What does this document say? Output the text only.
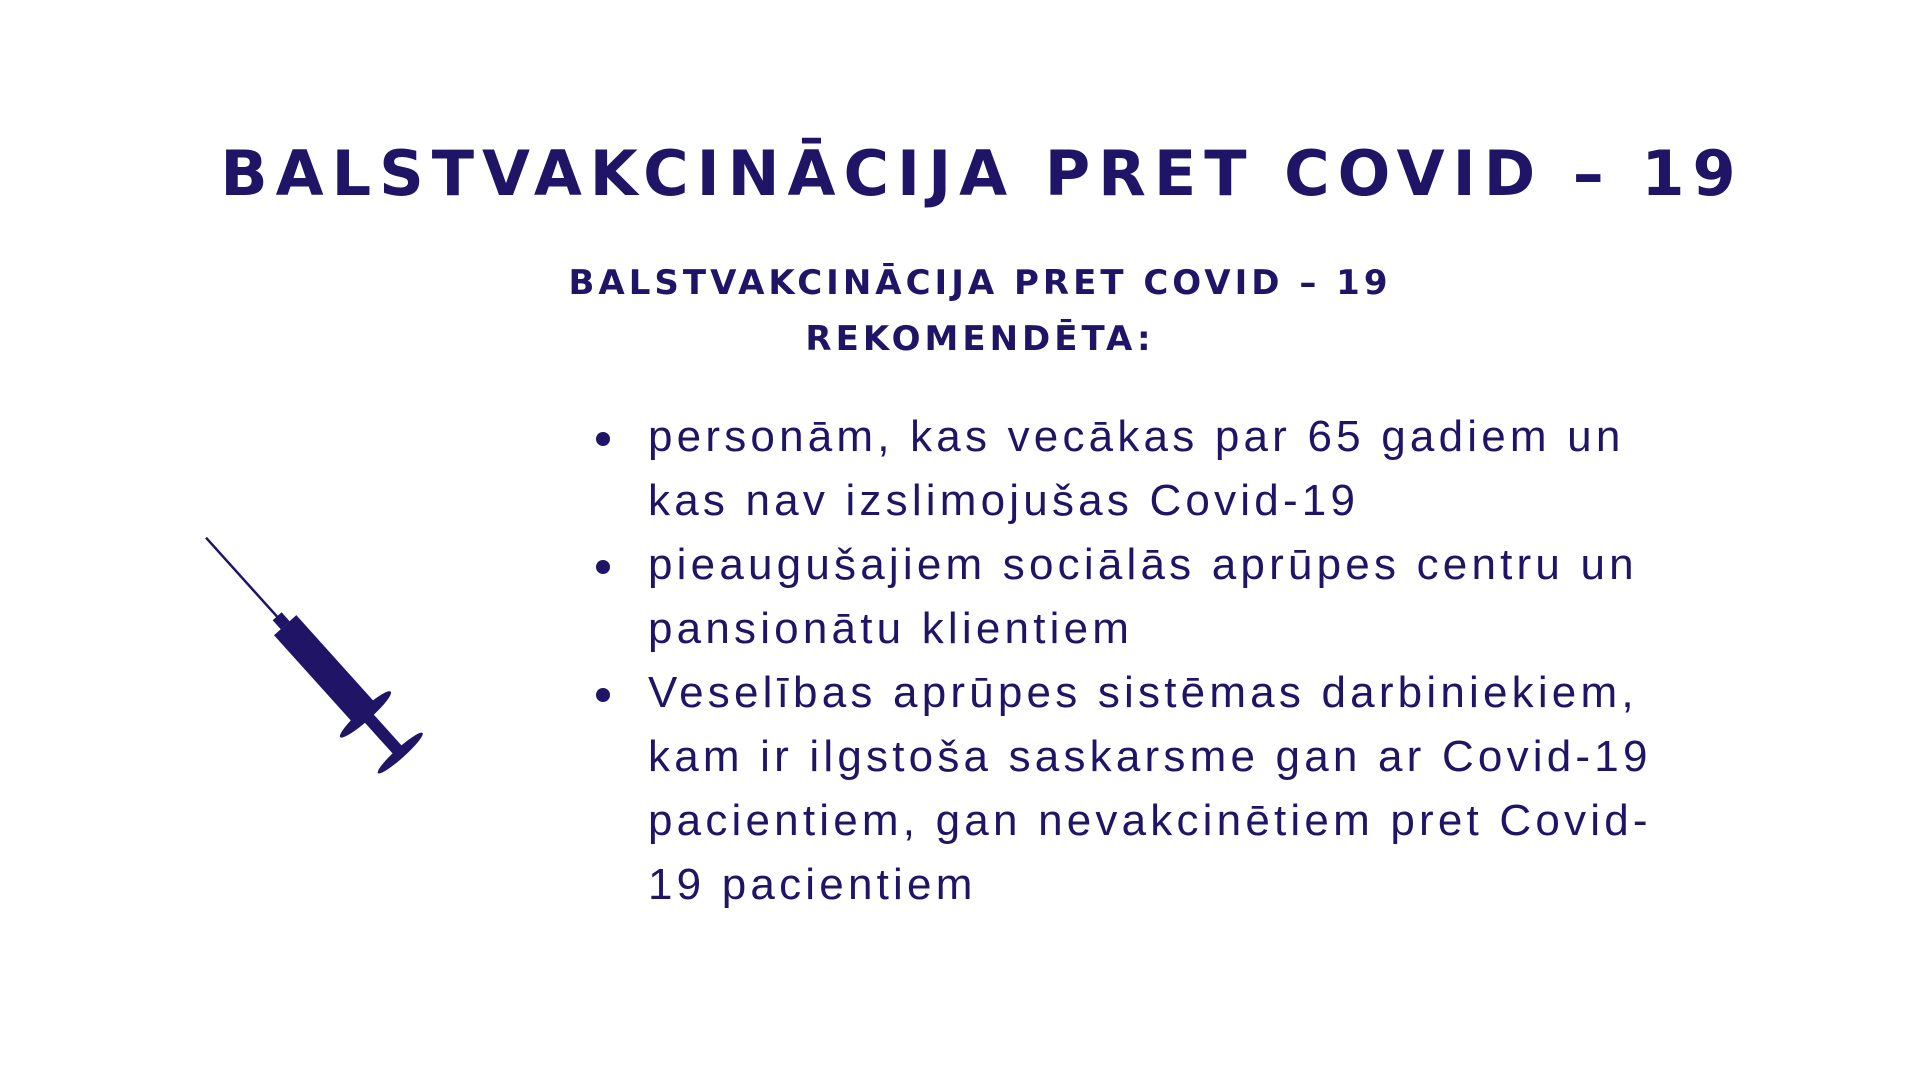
BALSTVAKCINĀCIJA PRET COVID – 19
BALSTVAKCINĀCIJA PRET COVID – 19
REKOMENDĒTA:
personām, kas vecākas par 65 gadiem un
kas nav izslimojušas Covid-19
pieaugušajiem sociālās aprūpes centru un
pansionātu klientiem
Veselības aprūpes sistēmas darbiniekiem,
kam ir ilgstoša saskarsme gan ar Covid-19
pacientiem, gan nevakcinētiem pret Covid-
19 pacientiem
